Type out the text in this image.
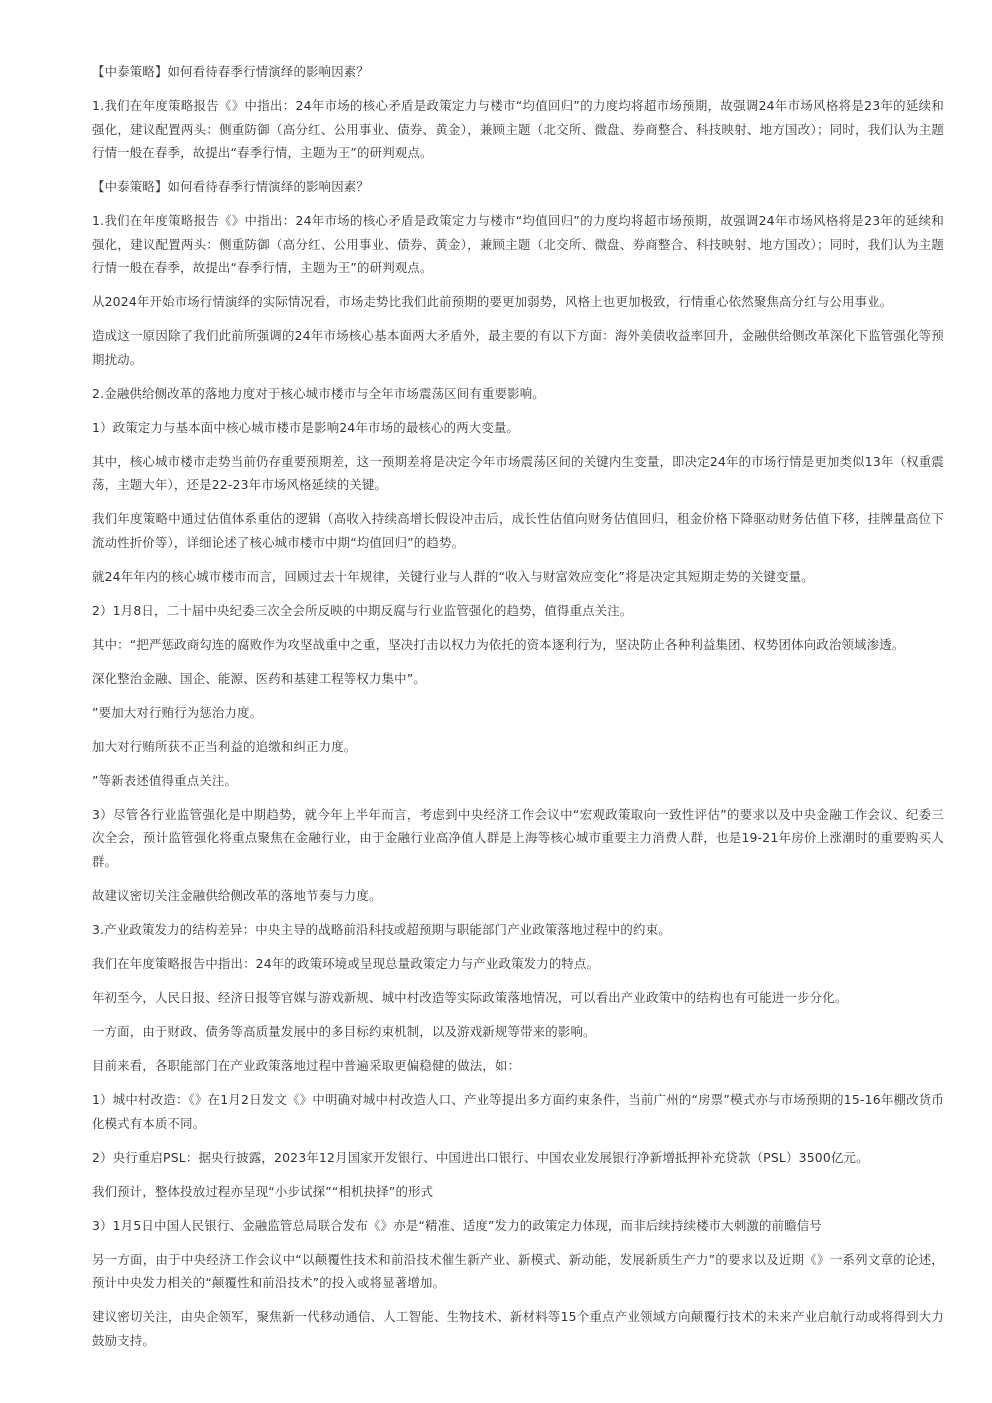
【中泰策略】如何看待春季行情演绎的影响因素？

1.我们在年度策略报告《》中指出：24年市场的核心矛盾是政策定力与楼市“均值回归”的力度均将超市场预期，故强调24年市场风格将是23年的延续和强化，建议配置两头：侧重防御（高分红、公用事业、债券、黄金），兼顾主题（北交所、微盘、券商整合、科技映射、地方国改）；同时，我们认为主题行情一般在春季，故提出“春季行情，主题为王”的研判观点。

【中泰策略】如何看待春季行情演绎的影响因素？

1.我们在年度策略报告《》中指出：24年市场的核心矛盾是政策定力与楼市“均值回归”的力度均将超市场预期，故强调24年市场风格将是23年的延续和强化，建议配置两头：侧重防御（高分红、公用事业、债券、黄金），兼顾主题（北交所、微盘、券商整合、科技映射、地方国改）；同时，我们认为主题行情一般在春季，故提出“春季行情，主题为王”的研判观点。

从2024年开始市场行情演绎的实际情况看，市场走势比我们此前预期的要更加弱势，风格上也更加极致，行情重心依然聚焦高分红与公用事业。

造成这一原因除了我们此前所强调的24年市场核心基本面两大矛盾外，最主要的有以下方面：海外美债收益率回升，金融供给侧改革深化下监管强化等预期扰动。

2.金融供给侧改革的落地力度对于核心城市楼市与全年市场震荡区间有重要影响。

1）政策定力与基本面中核心城市楼市是影响24年市场的最核心的两大变量。

其中，核心城市楼市走势当前仍存重要预期差，这一预期差将是决定今年市场震荡区间的关键内生变量，即决定24年的市场行情是更加类似13年（权重震荡，主题大年），还是22-23年市场风格延续的关键。

我们年度策略中通过估值体系重估的逻辑（高收入持续高增长假设冲击后，成长性估值向财务估值回归，租金价格下降驱动财务估值下移，挂牌量高位下流动性折价等），详细论述了核心城市楼市中期“均值回归”的趋势。

就24年年内的核心城市楼市而言，回顾过去十年规律，关键行业与人群的“收入与财富效应变化”将是决定其短期走势的关键变量。

2）1月8日，二十届中央纪委三次全会所反映的中期反腐与行业监管强化的趋势，值得重点关注。

其中：“把严惩政商勾连的腐败作为攻坚战重中之重，坚决打击以权力为依托的资本逐利行为，坚决防止各种利益集团、权势团体向政治领域渗透。

深化整治金融、国企、能源、医药和基建工程等权力集中”。

”要加大对行贿行为惩治力度。

加大对行贿所获不正当利益的追缴和纠正力度。

”等新表述值得重点关注。

3）尽管各行业监管强化是中期趋势，就今年上半年而言，考虑到中央经济工作会议中“宏观政策取向一致性评估”的要求以及中央金融工作会议、纪委三次全会，预计监管强化将重点聚焦在金融行业，由于金融行业高净值人群是上海等核心城市重要主力消费人群，也是19-21年房价上涨潮时的重要购买人群。

故建议密切关注金融供给侧改革的落地节奏与力度。

3.产业政策发力的结构差异：中央主导的战略前沿科技或超预期与职能部门产业政策落地过程中的约束。

我们在年度策略报告中指出：24年的政策环境或呈现总量政策定力与产业政策发力的特点。

年初至今，人民日报、经济日报等官媒与游戏新规、城中村改造等实际政策落地情况，可以看出产业政策中的结构也有可能进一步分化。

一方面，由于财政、债务等高质量发展中的多目标约束机制，以及游戏新规等带来的影响。

目前来看，各职能部门在产业政策落地过程中普遍采取更偏稳健的做法，如：

1）城中村改造：《》在1月2日发文《》中明确对城中村改造人口、产业等提出多方面约束条件，当前广州的“房票”模式亦与市场预期的15-16年棚改货币化模式有本质不同。

2）央行重启PSL：据央行披露，2023年12月国家开发银行、中国进出口银行、中国农业发展银行净新增抵押补充贷款（PSL）3500亿元。

我们预计，整体投放过程亦呈现“小步试探”“相机抉择”的形式

3）1月5日中国人民银行、金融监管总局联合发布《》亦是“精准、适度”发力的政策定力体现，而非后续持续楼市大刺激的前瞻信号

另一方面，由于中央经济工作会议中“以颠覆性技术和前沿技术催生新产业、新模式、新动能，发展新质生产力”的要求以及近期《》一系列文章的论述，预计中央发力相关的“颠覆性和前沿技术”的投入或将显著增加。

建议密切关注，由央企领军，聚焦新一代移动通信、人工智能、生物技术、新材料等15个重点产业领域方向颠覆行技术的未来产业启航行动或将得到大力鼓励支持。
